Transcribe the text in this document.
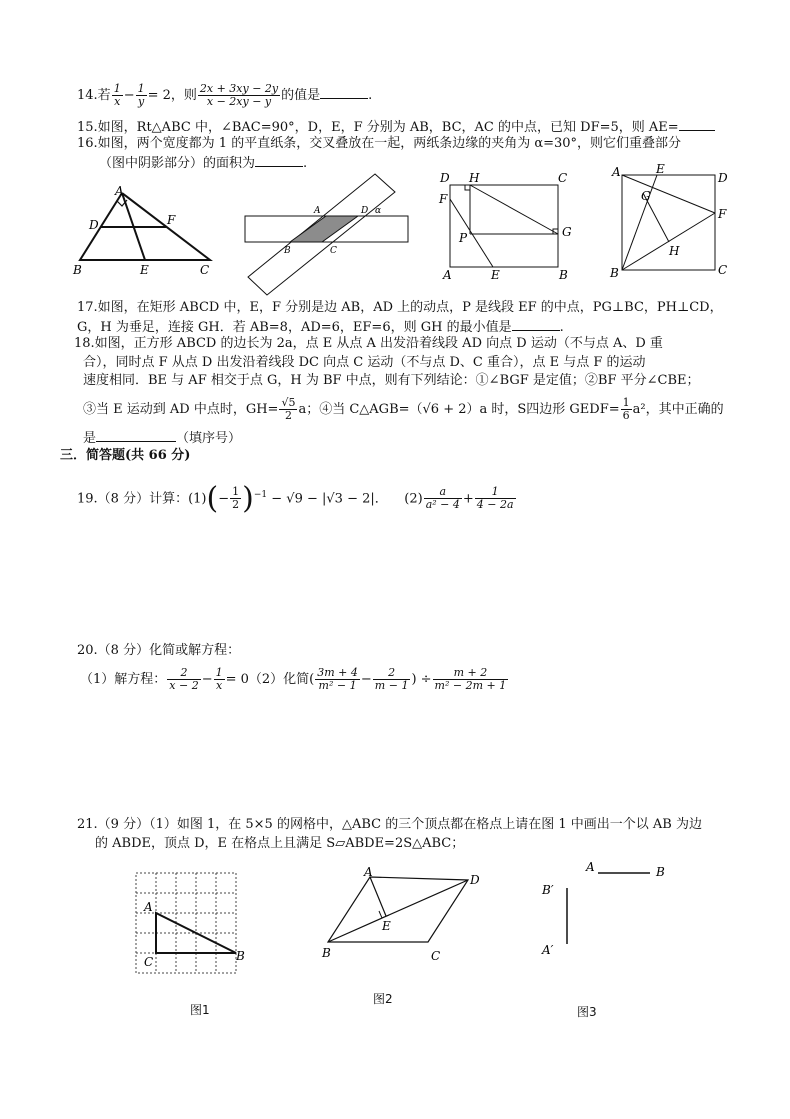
14.若 $\frac{1}{x} - \frac{1}{y} = 2$，则 $\frac{2x + 3xy - 2y}{x - 2xy - y}$ 的值是	.
15.如图，Rt△ABC 中，∠BAC=90°，D，E，F 分别为 AB，BC，AC 的中点，已知 DF=5，则 AE=
16.如图，两个宽度都为 1 的平直纸条，交叉叠放在一起，两纸条边缘的夹角为 α=30°，则它们重叠部分
（图中阴影部分）的面积为	.
A
D	F
B	E	C
A	D α
B	C
D H	C
F
P	G
A	E	B
A	E
D
G
F
H
B	C
17.如图，在矩形 ABCD 中，E，F 分别是边 AB，AD 上的动点，P 是线段 EF 的中点，PG⊥BC，PH⊥CD，
G，H 为垂足，连接 GH．若 AB=8，AD=6，EF=6，则 GH 的最小值是	.
18.如图，正方形 ABCD 的边长为 2a，点 E 从点 A 出发沿着线段 AD 向点 D 运动（不与点 A、D 重
合），同时点 F 从点 D 出发沿着线段 DC 向点 C 运动（不与点 D、C 重合），点 E 与点 F 的运动
速度相同．BE 与 AF 相交于点 G，H 为 BF 中点，则有下列结论：①∠BGF 是定值；②BF 平分∠CBE；
③当 E 运动到 AD 中点时，$GH= \frac{√5}{2}$ a；④当 C△AGB=（√6 + 2）a 时，S四边形 GEDF= $\frac{1}{6} a^2$，其中正确的
是	（填序号）
三．简答题(共 66 分)
19.（8 分）计算：$(1)(- \frac{1}{2} )^{-1} - √9 - |√3 - 2|$． $(2) \frac{a}{\text{a² − 4}} + \frac{1}{4 - 2a}$
20.（8 分）化简或解方程：
（1）解方程： $\frac{2}{x - 2} - \frac{1}{x} = 0(2)$化简( $\frac{3m + 4}{\text{m² − 1}} - \frac{2}{m - 1}$ ) ÷ $\frac{m + 2}{\text{m² − 2m + 1}}$
21.（9 分）（1）如图 1，在 5×5 的网格中，△ABC 的三个顶点都在格点上请在图 1 中画出一个以 AB 为边
的 ABDE，顶点 D，E 在格点上且满足 S▱ABDE=2S△ABC；
A
B
C
图1
A
D
E
B	C
图2
A	B
B′
A′
图3
